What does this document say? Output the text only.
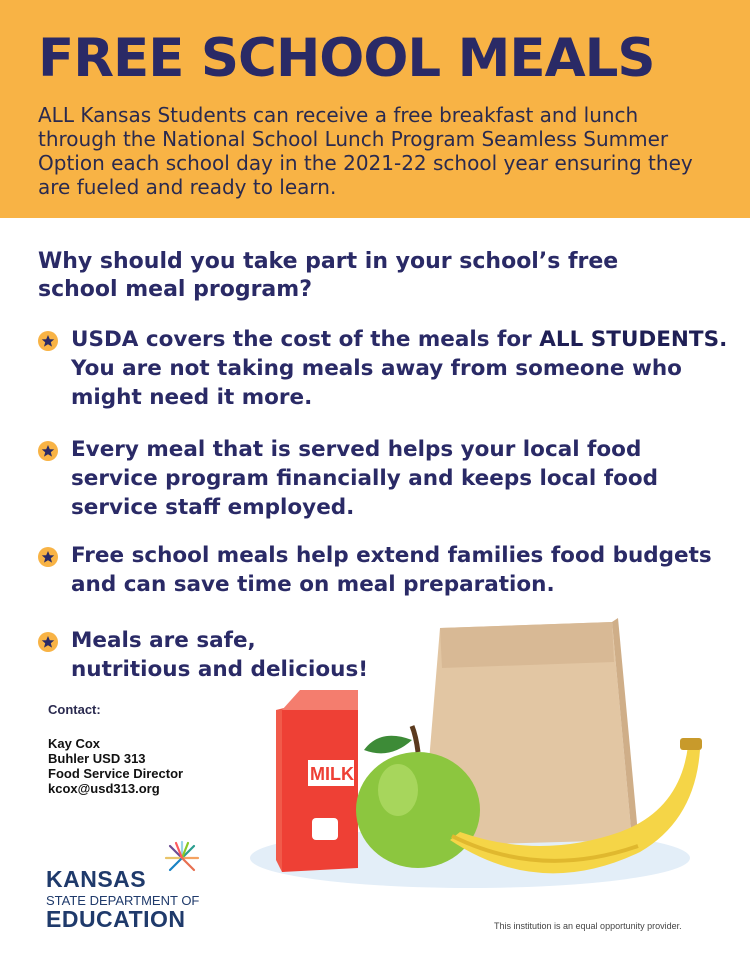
FREE SCHOOL MEALS

ALL Kansas Students can receive a free breakfast and lunch through the National School Lunch Program Seamless Summer Option each school day in the 2021-22 school year ensuring they are fueled and ready to learn.

Why should you take part in your school’s free school meal program?

USDA covers the cost of the meals for ALL STUDENTS. You are not taking meals away from someone who might need it more.
Every meal that is served helps your local food service program financially and keeps local food service staff employed.
Free school meals help extend families food budgets and can save time on meal preparation.
Meals are safe, nutritious and delicious!
Contact:
Kay Cox
Buhler USD 313
Food Service Director
kcox@usd313.org
KANSAS
STATE DEPARTMENT OF
EDUCATION
MILK
This institution is an equal opportunity provider.
